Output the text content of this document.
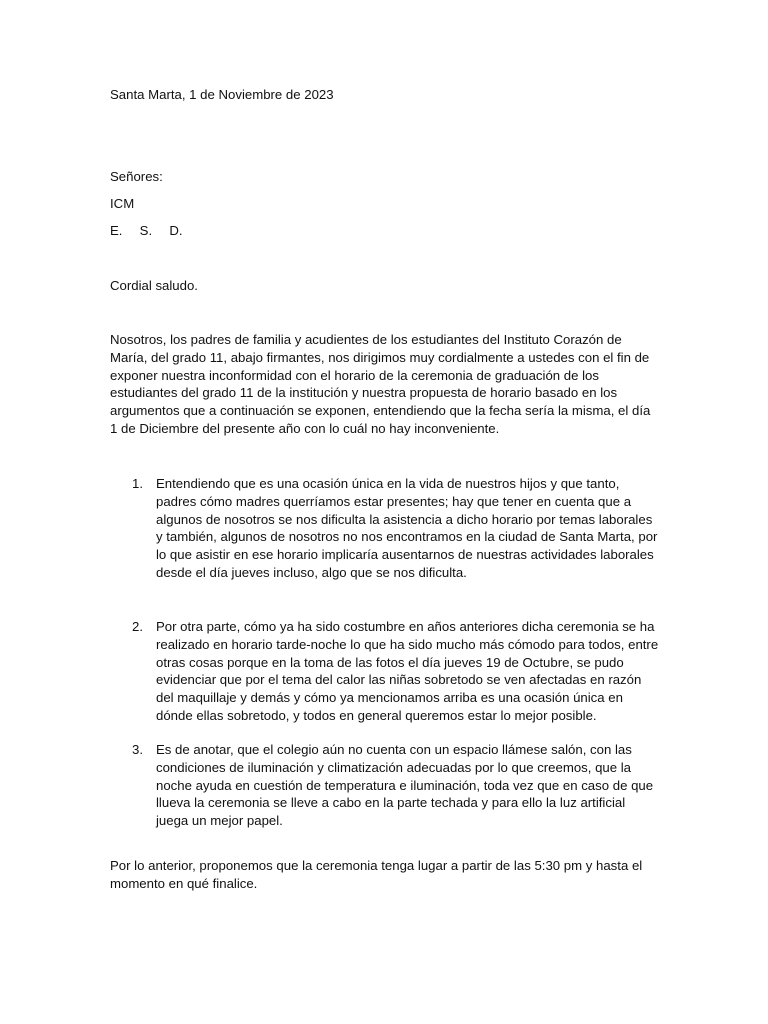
Santa Marta, 1 de Noviembre de 2023
Señores:
ICM
E. S. D.
Cordial saludo.
Nosotros, los padres de familia y acudientes de los estudiantes del Instituto Corazón de María, del grado 11, abajo firmantes, nos dirigimos muy cordialmente a ustedes con el fin de exponer nuestra inconformidad con el horario de la ceremonia de graduación de los estudiantes del grado 11 de la institución y nuestra propuesta de horario basado en los argumentos que a continuación se exponen, entendiendo que la fecha sería la misma, el día 1 de Diciembre del presente año con lo cuál no hay inconveniente.
1. Entendiendo que es una ocasión única en la vida de nuestros hijos y que tanto, padres cómo madres querríamos estar presentes; hay que tener en cuenta que a algunos de nosotros se nos dificulta la asistencia a dicho horario por temas laborales y también, algunos de nosotros no nos encontramos en la ciudad de Santa Marta, por lo que asistir en ese horario implicaría ausentarnos de nuestras actividades laborales desde el día jueves incluso, algo que se nos dificulta.
2. Por otra parte, cómo ya ha sido costumbre en años anteriores dicha ceremonia se ha realizado en horario tarde-noche lo que ha sido mucho más cómodo para todos, entre otras cosas porque en la toma de las fotos el día jueves 19 de Octubre, se pudo evidenciar que por el tema del calor las niñas sobretodo se ven afectadas en razón del maquillaje y demás y cómo ya mencionamos arriba es una ocasión única en dónde ellas sobretodo, y todos en general queremos estar lo mejor posible.
3. Es de anotar, que el colegio aún no cuenta con un espacio llámese salón, con las condiciones de iluminación y climatización adecuadas por lo que creemos, que la noche ayuda en cuestión de temperatura e iluminación, toda vez que en caso de que llueva la ceremonia se lleve a cabo en la parte techada y para ello la luz artificial juega un mejor papel.
Por lo anterior, proponemos que la ceremonia tenga lugar a partir de las 5:30 pm y hasta el momento en qué finalice.
